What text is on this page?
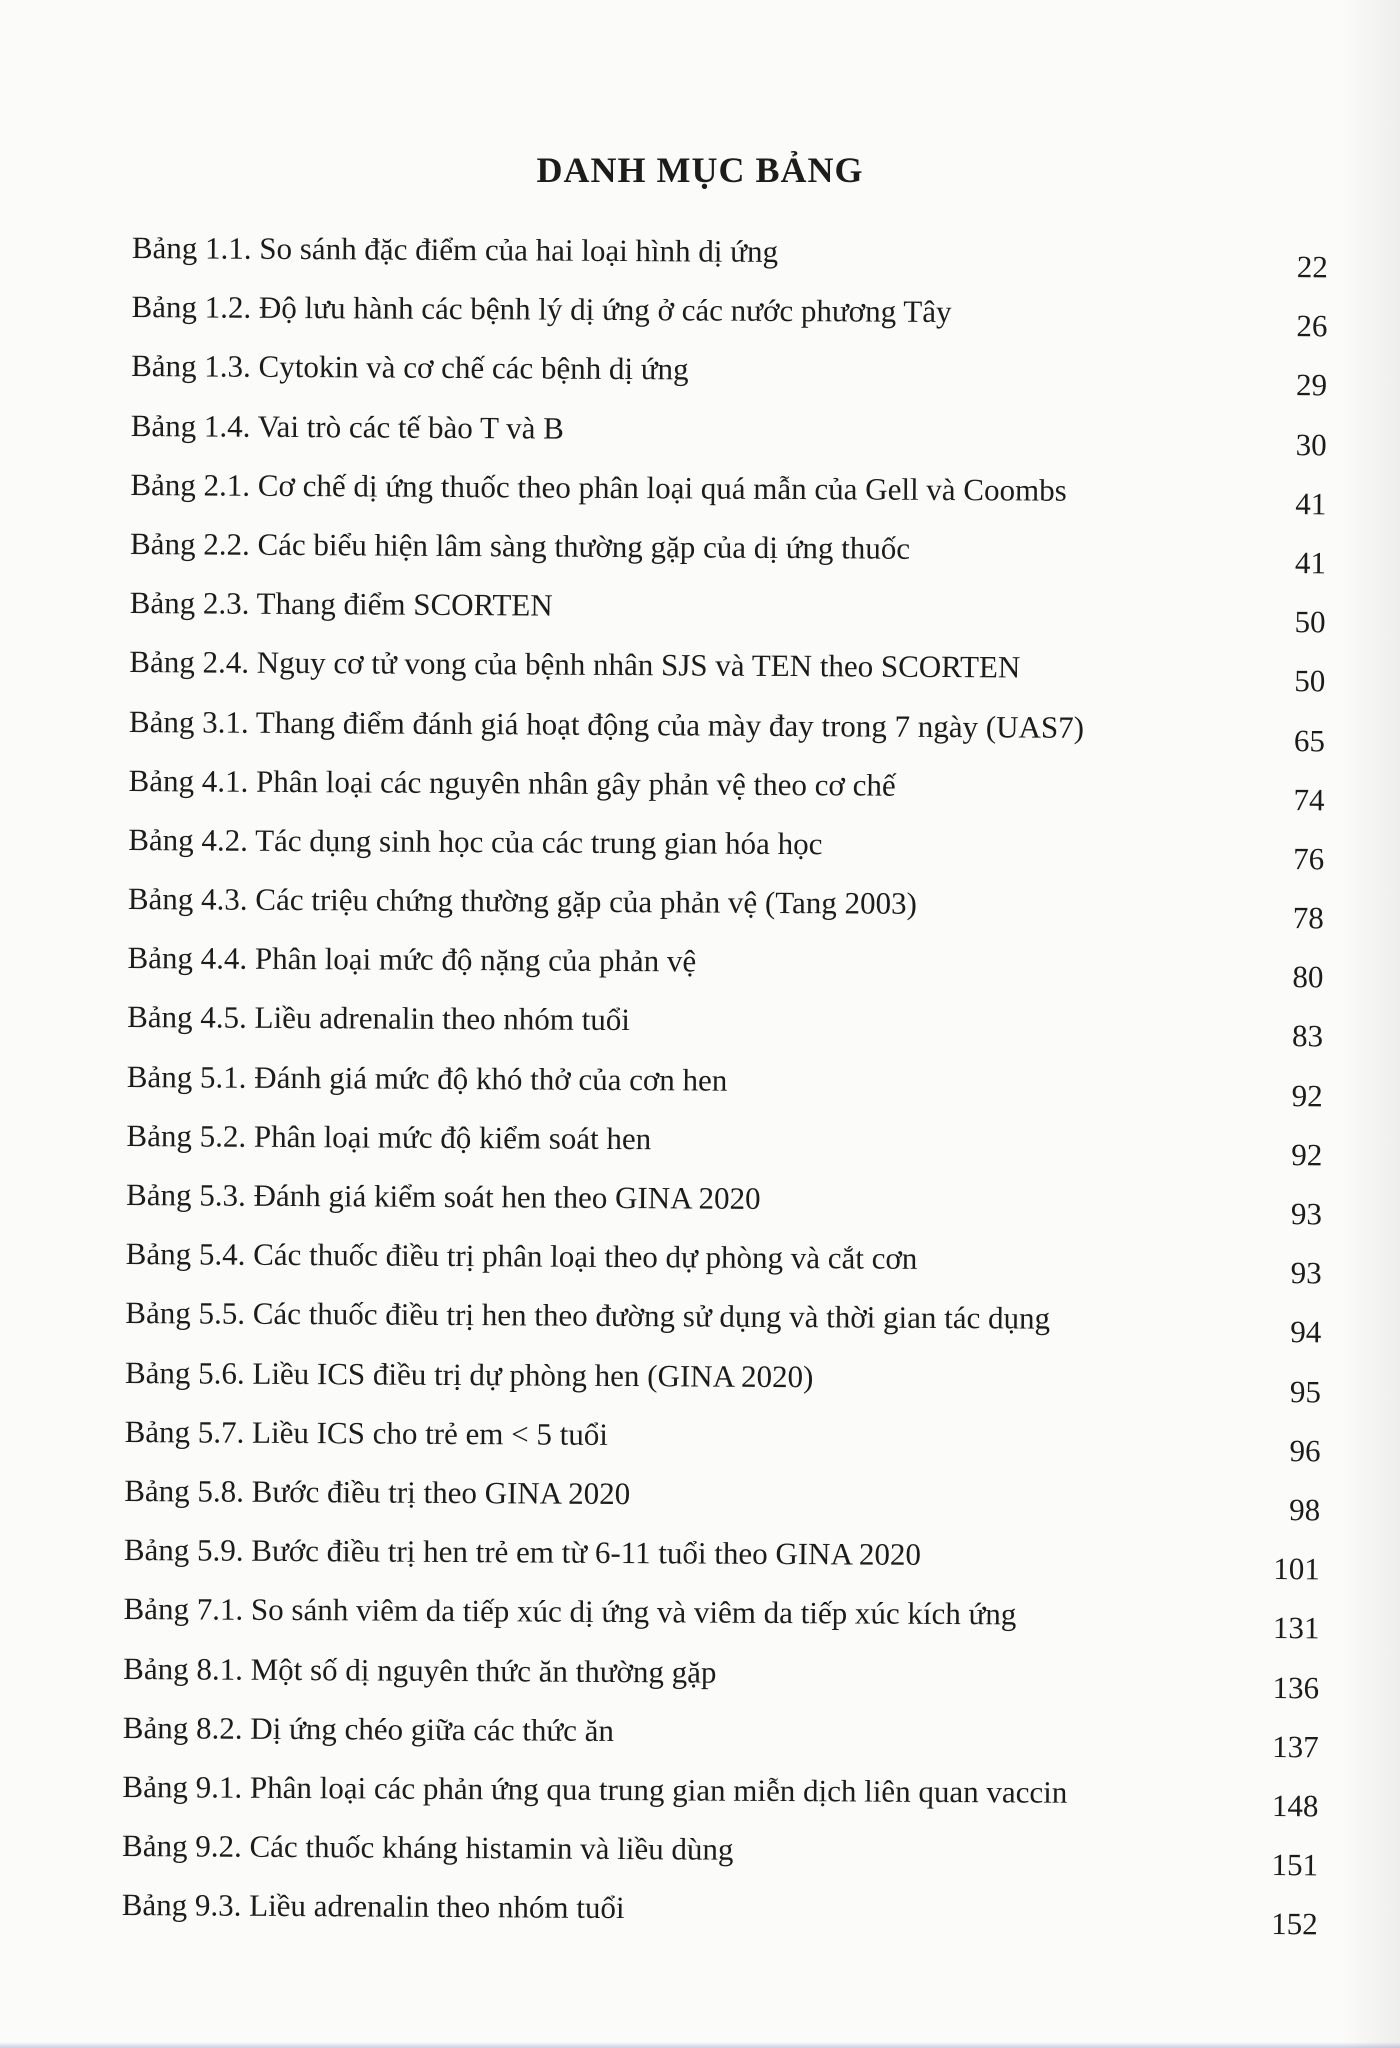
DANH MỤC BẢNG
Bảng 1.1. So sánh đặc điểm của hai loại hình dị ứng	22
Bảng 1.2. Độ lưu hành các bệnh lý dị ứng ở các nước phương Tây	26
Bảng 1.3. Cytokin và cơ chế các bệnh dị ứng	29
Bảng 1.4. Vai trò các tế bào T và B	30
Bảng 2.1. Cơ chế dị ứng thuốc theo phân loại quá mẫn của Gell và Coombs	41
Bảng 2.2. Các biểu hiện lâm sàng thường gặp của dị ứng thuốc	41
Bảng 2.3. Thang điểm SCORTEN	50
Bảng 2.4. Nguy cơ tử vong của bệnh nhân SJS và TEN theo SCORTEN	50
Bảng 3.1. Thang điểm đánh giá hoạt động của mày đay trong 7 ngày (UAS7)	65
Bảng 4.1. Phân loại các nguyên nhân gây phản vệ theo cơ chế	74
Bảng 4.2. Tác dụng sinh học của các trung gian hóa học	76
Bảng 4.3. Các triệu chứng thường gặp của phản vệ (Tang 2003)	78
Bảng 4.4. Phân loại mức độ nặng của phản vệ	80
Bảng 4.5. Liều adrenalin theo nhóm tuổi	83
Bảng 5.1. Đánh giá mức độ khó thở của cơn hen	92
Bảng 5.2. Phân loại mức độ kiểm soát hen	92
Bảng 5.3. Đánh giá kiểm soát hen theo GINA 2020	93
Bảng 5.4. Các thuốc điều trị phân loại theo dự phòng và cắt cơn	93
Bảng 5.5. Các thuốc điều trị hen theo đường sử dụng và thời gian tác dụng	94
Bảng 5.6. Liều ICS điều trị dự phòng hen (GINA 2020)	95
Bảng 5.7. Liều ICS cho trẻ em < 5 tuổi	96
Bảng 5.8. Bước điều trị theo GINA 2020	98
Bảng 5.9. Bước điều trị hen trẻ em từ 6-11 tuổi theo GINA 2020	101
Bảng 7.1. So sánh viêm da tiếp xúc dị ứng và viêm da tiếp xúc kích ứng	131
Bảng 8.1. Một số dị nguyên thức ăn thường gặp	136
Bảng 8.2. Dị ứng chéo giữa các thức ăn	137
Bảng 9.1. Phân loại các phản ứng qua trung gian miễn dịch liên quan vaccin	148
Bảng 9.2. Các thuốc kháng histamin và liều dùng	151
Bảng 9.3. Liều adrenalin theo nhóm tuổi	152
